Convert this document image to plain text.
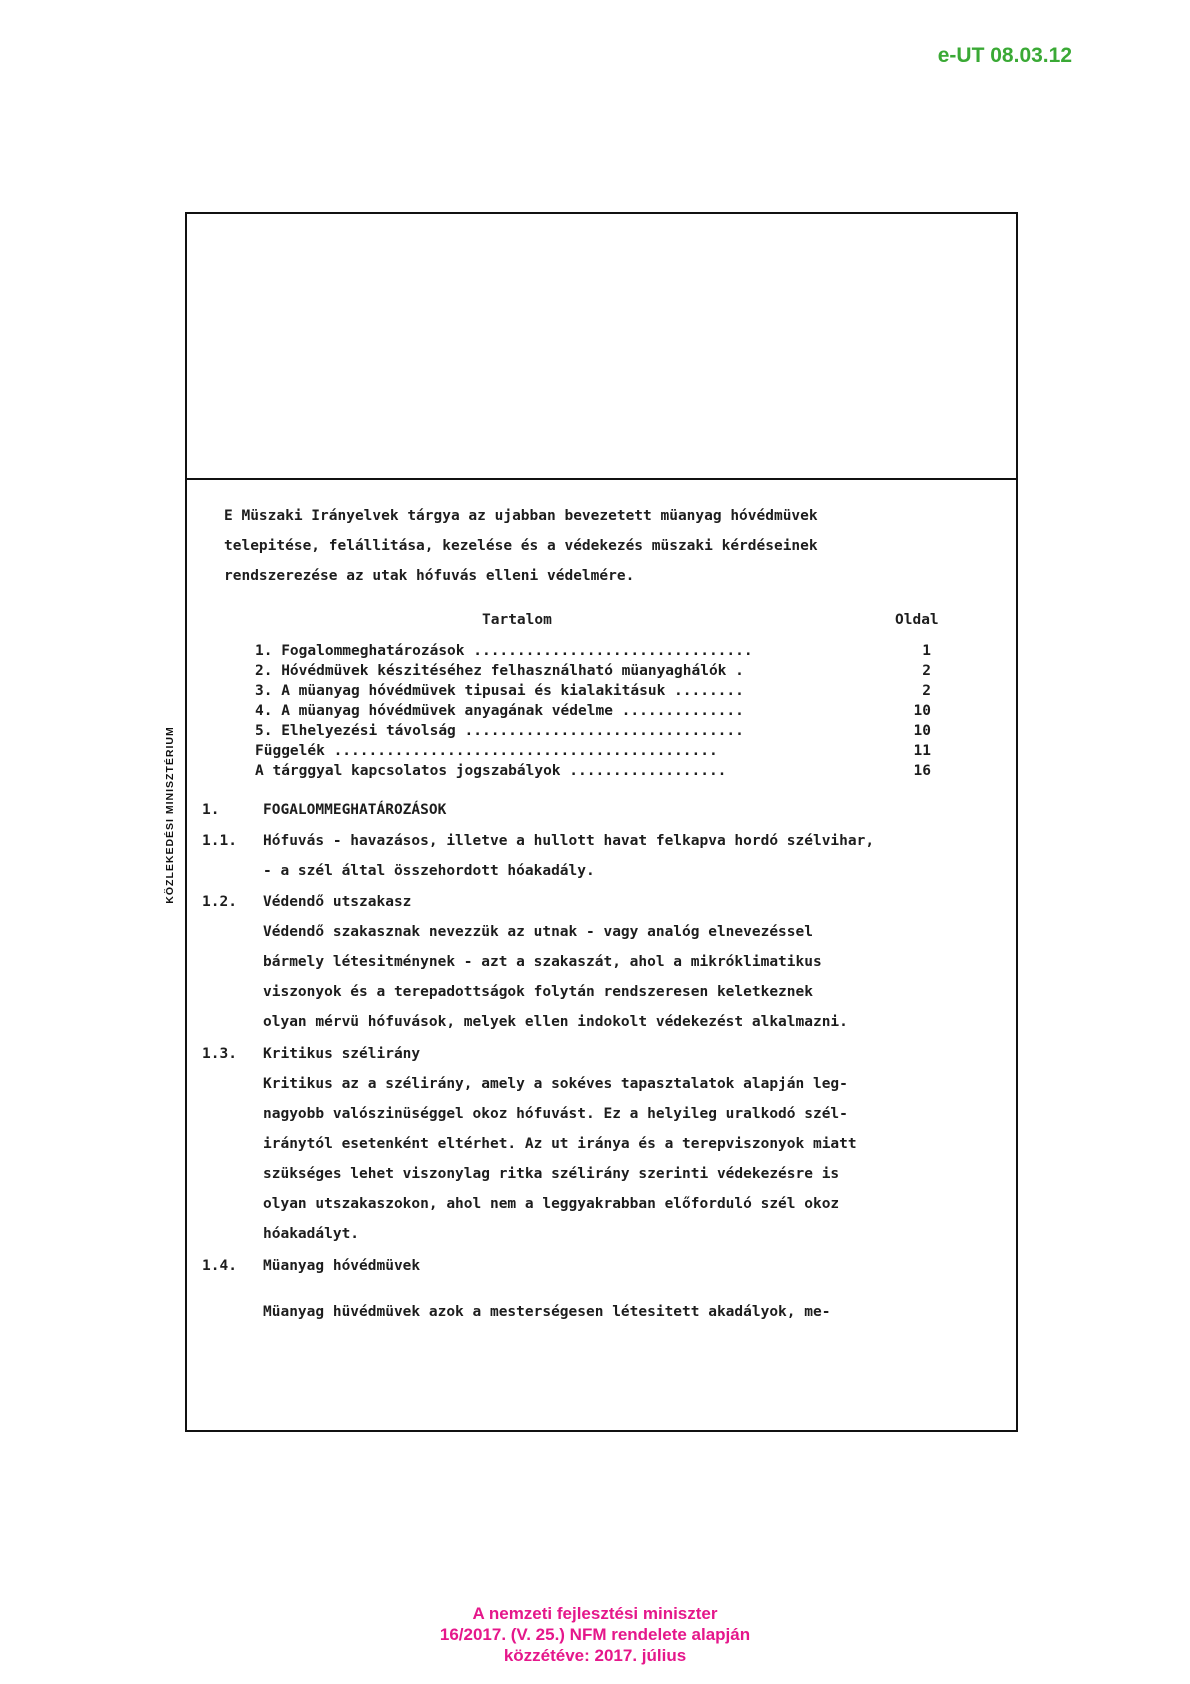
e-UT 08.03.12
KÖZLEKEDÉSI MINISZTÉRIUM
E Müszaki Irányelvek tárgya az ujabban bevezetett müanyag hóvédmüvek
telepitése, felállitása, kezelése és a védekezés müszaki kérdéseinek
rendszerezése az utak hófuvás elleni védelmére.
Tartalom	Oldal
1. Fogalommeghatározások ................................	1
2. Hóvédmüvek készitéséhez felhasználható müanyaghálók .	2
3. A müanyag hóvédmüvek tipusai és kialakitásuk ........	2
4. A müanyag hóvédmüvek anyagának védelme ..............	10
5. Elhelyezési távolság ................................	10
Függelék ............................................	11
A tárggyal kapcsolatos jogszabályok ..................	16
1.	FOGALOMMEGHATÁROZÁSOK
1.1. Hófuvás - havazásos, illetve a hullott havat felkapva hordó szélvihar,
- a szél által összehordott hóakadály.
1.2. Védendő utszakasz
Védendő szakasznak nevezzük az utnak - vagy analóg elnevezéssel
bármely létesitménynek - azt a szakaszát, ahol a mikróklimatikus
viszonyok és a terepadottságok folytán rendszeresen keletkeznek
olyan mérvü hófuvások, melyek ellen indokolt védekezést alkalmazni.
1.3. Kritikus szélirány
Kritikus az a szélirány, amely a sokéves tapasztalatok alapján leg-
nagyobb valószinüséggel okoz hófuvást. Ez a helyileg uralkodó szél-
iránytól esetenként eltérhet. Az ut iránya és a terepviszonyok miatt
szükséges lehet viszonylag ritka szélirány szerinti védekezésre is
olyan utszakaszokon, ahol nem a leggyakrabban előforduló szél okoz
hóakadályt.
1.4. Müanyag hóvédmüvek
Müanyag hüvédmüvek azok a mesterségesen létesitett akadályok, me-
A nemzeti fejlesztési miniszter
16/2017. (V. 25.) NFM rendelete alapján
közzétéve: 2017. július
